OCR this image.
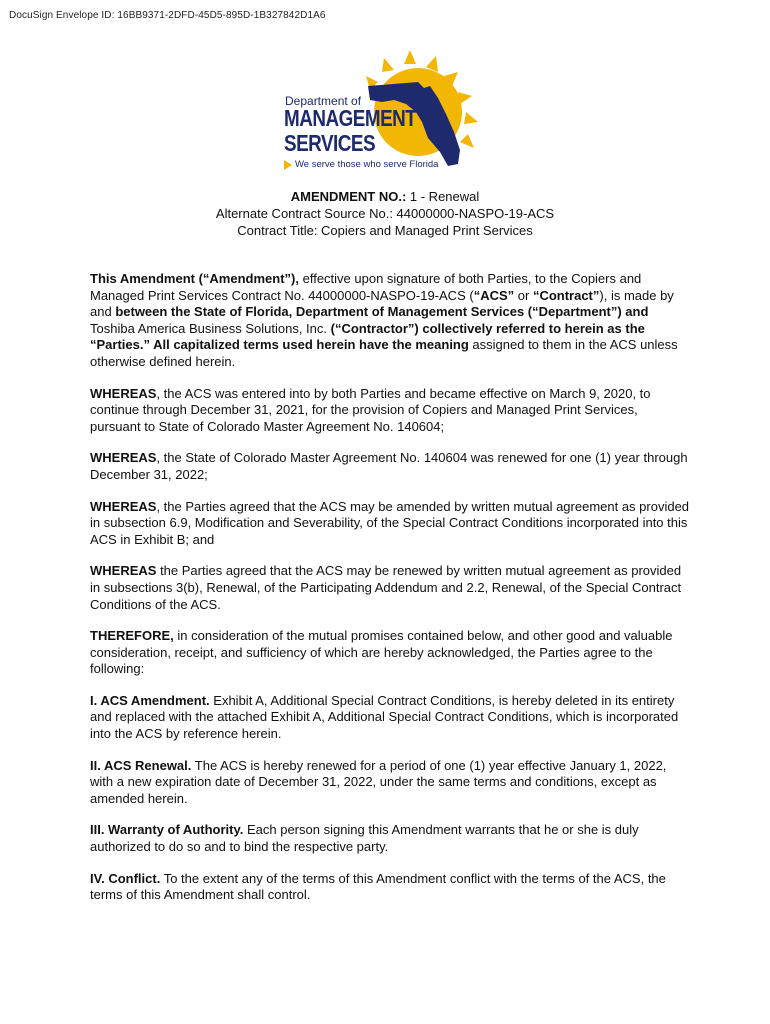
DocuSign Envelope ID: 16BB9371-2DFD-45D5-895D-1B327842D1A6
Department of
MANAGEMENT
SERVICES
We serve those who serve Florida
AMENDMENT NO.: 1 - Renewal
Alternate Contract Source No.: 44000000-NASPO-19-ACS
Contract Title: Copiers and Managed Print Services

This Amendment (“Amendment”), effective upon signature of both Parties, to the Copiers and Managed Print Services Contract No. 44000000-NASPO-19-ACS (“ACS” or “Contract”), is made by and between the State of Florida, Department of Management Services (“Department”) and Toshiba America Business Solutions, Inc. (“Contractor”) collectively referred to herein as the “Parties.” All capitalized terms used herein have the meaning assigned to them in the ACS unless otherwise defined herein.

WHEREAS, the ACS was entered into by both Parties and became effective on March 9, 2020, to continue through December 31, 2021, for the provision of Copiers and Managed Print Services, pursuant to State of Colorado Master Agreement No. 140604;

WHEREAS, the State of Colorado Master Agreement No. 140604 was renewed for one (1) year through December 31, 2022;

WHEREAS, the Parties agreed that the ACS may be amended by written mutual agreement as provided in subsection 6.9, Modification and Severability, of the Special Contract Conditions incorporated into this ACS in Exhibit B; and

WHEREAS the Parties agreed that the ACS may be renewed by written mutual agreement as provided in subsections 3(b), Renewal, of the Participating Addendum and 2.2, Renewal, of the Special Contract Conditions of the ACS.

THEREFORE, in consideration of the mutual promises contained below, and other good and valuable consideration, receipt, and sufficiency of which are hereby acknowledged, the Parties agree to the following:

I. ACS Amendment. Exhibit A, Additional Special Contract Conditions, is hereby deleted in its entirety and replaced with the attached Exhibit A, Additional Special Contract Conditions, which is incorporated into the ACS by reference herein.

II. ACS Renewal. The ACS is hereby renewed for a period of one (1) year effective January 1, 2022, with a new expiration date of December 31, 2022, under the same terms and conditions, except as amended herein.

III. Warranty of Authority. Each person signing this Amendment warrants that he or she is duly authorized to do so and to bind the respective party.

IV. Conflict. To the extent any of the terms of this Amendment conflict with the terms of the ACS, the terms of this Amendment shall control.
